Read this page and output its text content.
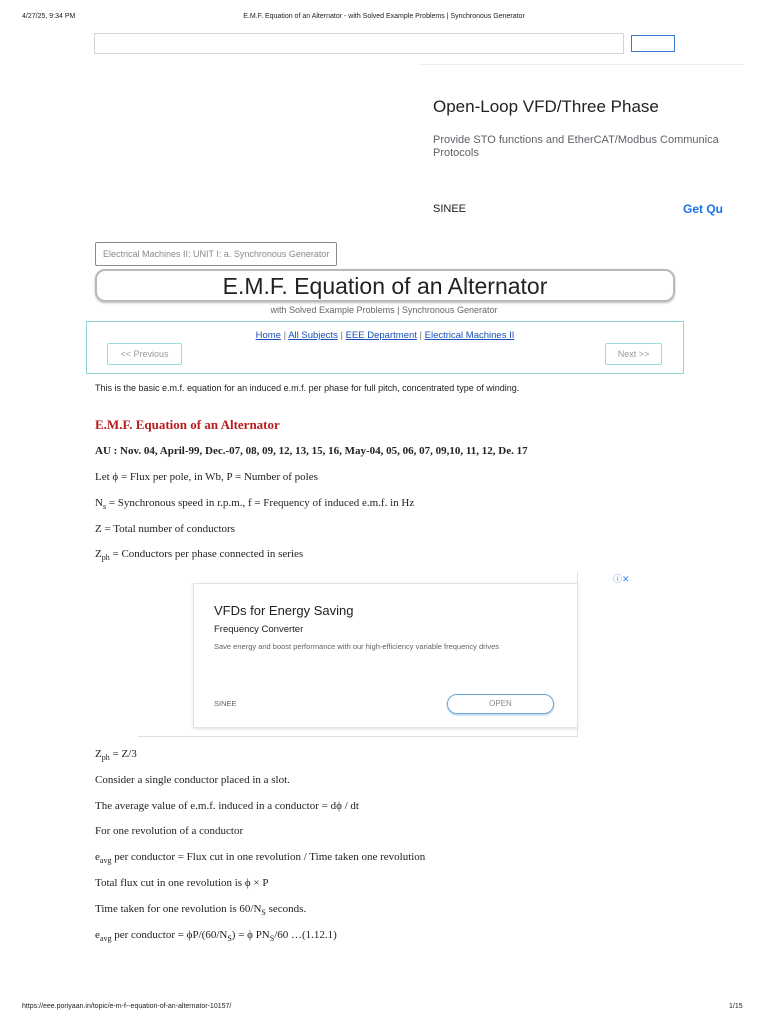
4/27/25, 9:34 PM	E.M.F. Equation of an Alternator - with Solved Example Problems | Synchronous Generator
Open-Loop VFD/Three Phase
Provide STO functions and EtherCAT/Modbus Communica Protocols
SINEE	Get Qu
Electrical Machines II: UNIT I: a. Synchronous Generator
E.M.F. Equation of an Alternator
with Solved Example Problems | Synchronous Generator
Home | All Subjects | EEE Department | Electrical Machines II
<< Previous	Next >>
This is the basic e.m.f. equation for an induced e.m.f. per phase for full pitch, concentrated type of winding.
E.M.F. Equation of an Alternator
AU : Nov. 04, April-99, Dec.-07, 08, 09, 12, 13, 15, 16, May-04, 05, 06, 07, 09,10, 11, 12, De. 17
Let ϕ = Flux per pole, in Wb, P = Number of poles
$N_s$ = Synchronous speed in r.p.m., f = Frequency of induced e.m.f. in Hz
Z = Total number of conductors
$Z_{ph}$ = Conductors per phase connected in series
ⓘ✕
VFDs for Energy Saving
Frequency Converter
Save energy and boost performance with our high-efficiency variable frequency drives
SINEE	OPEN
$Z_{ph} = Z/3$
Consider a single conductor placed in a slot.
The average value of e.m.f. induced in a conductor = dϕ / dt
For one revolution of a conductor
$e_{avg}$ per conductor = Flux cut in one revolution / Time taken one revolution
Total flux cut in one revolution is ϕ × P
Time taken for one revolution is $60/N_S$ seconds.
$e_{avg}$ per conductor = $\phi P/(60/N_S) = \phi$ $PN_S/60$ …(1.12.1)
https://eee.poriyaan.in/topic/e-m-f--equation-of-an-alternator-10157/	1/15
